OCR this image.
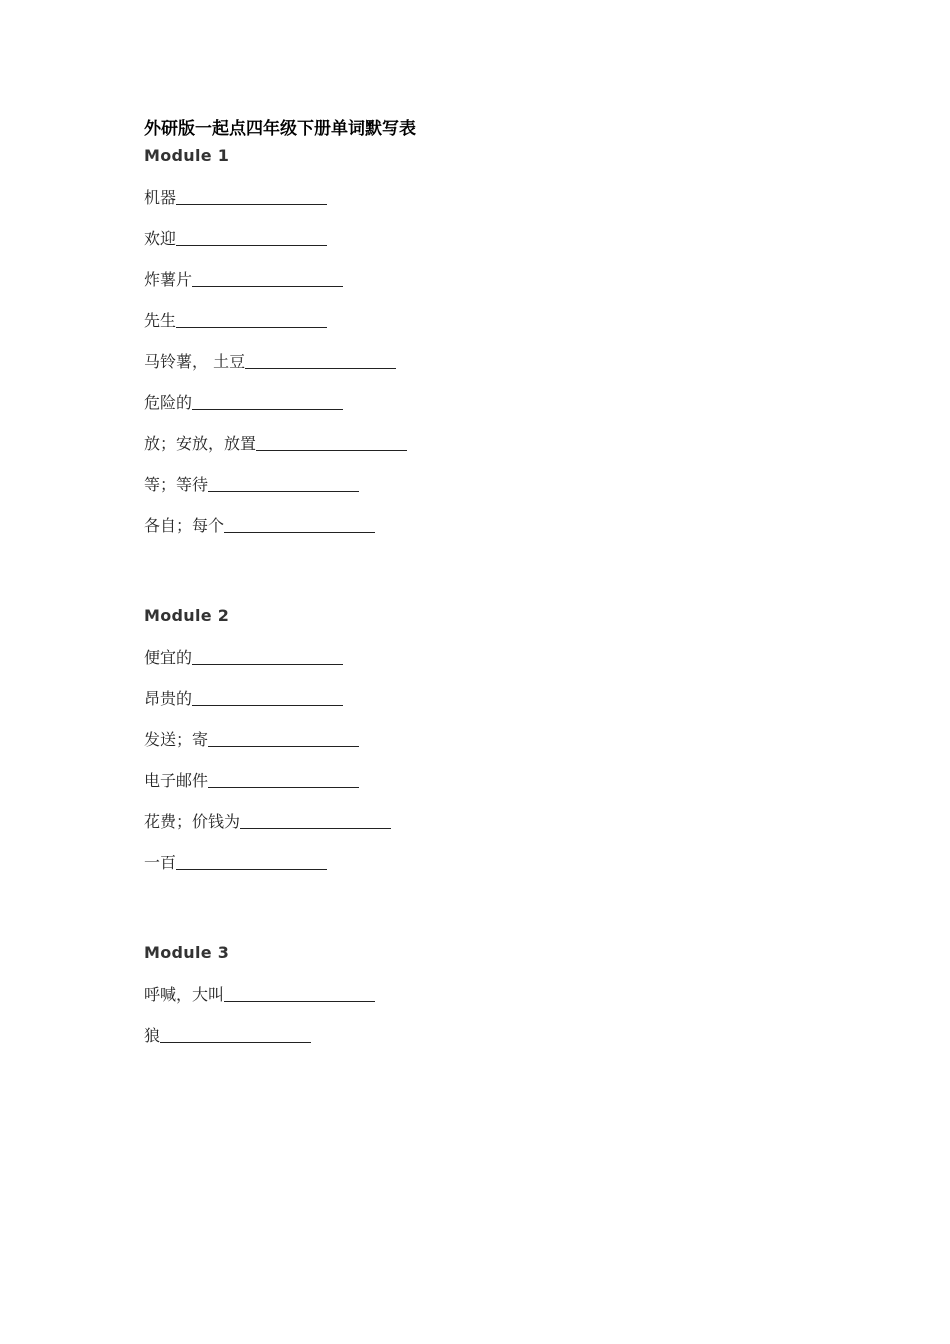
外研版一起点四年级下册单词默写表
Module 1
机器
欢迎
炸薯片
先生
马铃薯， 土豆
危险的
放；安放，放置
等；等待
各自；每个
Module 2
便宜的
昂贵的
发送；寄
电子邮件
花费；价钱为
一百
Module 3
呼喊，大叫
狼
